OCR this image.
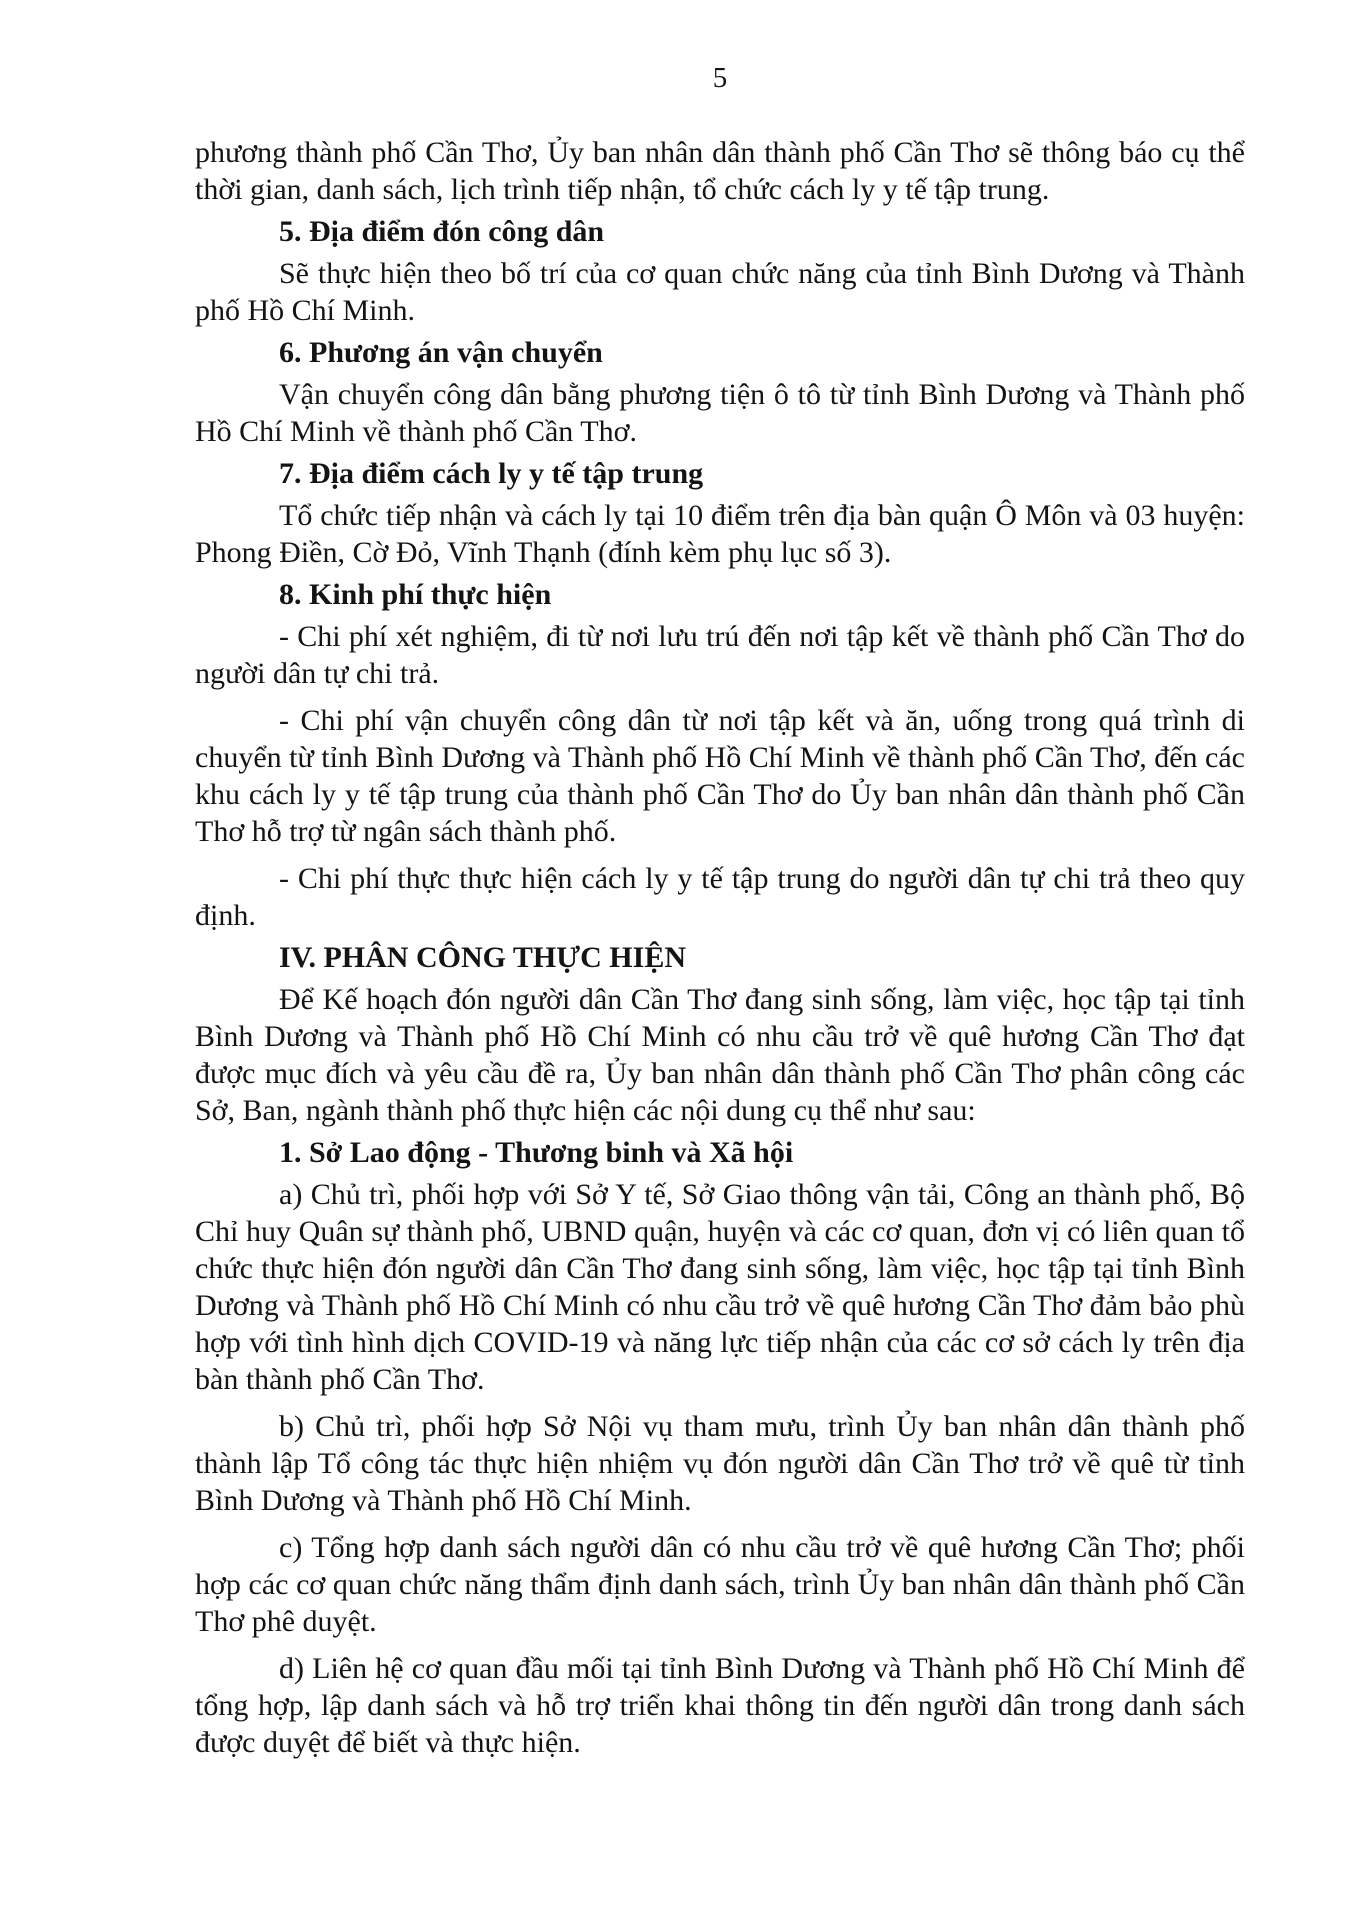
5

phương thành phố Cần Thơ, Ủy ban nhân dân thành phố Cần Thơ sẽ thông báo cụ thể thời gian, danh sách, lịch trình tiếp nhận, tổ chức cách ly y tế tập trung.

5. Địa điểm đón công dân

Sẽ thực hiện theo bố trí của cơ quan chức năng của tỉnh Bình Dương và Thành phố Hồ Chí Minh.

6. Phương án vận chuyển

Vận chuyển công dân bằng phương tiện ô tô từ tỉnh Bình Dương và Thành phố Hồ Chí Minh về thành phố Cần Thơ.

7. Địa điểm cách ly y tế tập trung

Tổ chức tiếp nhận và cách ly tại 10 điểm trên địa bàn quận Ô Môn và 03 huyện: Phong Điền, Cờ Đỏ, Vĩnh Thạnh (đính kèm phụ lục số 3).

8. Kinh phí thực hiện

- Chi phí xét nghiệm, đi từ nơi lưu trú đến nơi tập kết về thành phố Cần Thơ do người dân tự chi trả.

- Chi phí vận chuyển công dân từ nơi tập kết và ăn, uống trong quá trình di chuyển từ tỉnh Bình Dương và Thành phố Hồ Chí Minh về thành phố Cần Thơ, đến các khu cách ly y tế tập trung của thành phố Cần Thơ do Ủy ban nhân dân thành phố Cần Thơ hỗ trợ từ ngân sách thành phố.

- Chi phí thực thực hiện cách ly y tế tập trung do người dân tự chi trả theo quy định.

IV. PHÂN CÔNG THỰC HIỆN

Để Kế hoạch đón người dân Cần Thơ đang sinh sống, làm việc, học tập tại tỉnh Bình Dương và Thành phố Hồ Chí Minh có nhu cầu trở về quê hương Cần Thơ đạt được mục đích và yêu cầu đề ra, Ủy ban nhân dân thành phố Cần Thơ phân công các Sở, Ban, ngành thành phố thực hiện các nội dung cụ thể như sau:

1. Sở Lao động - Thương binh và Xã hội

a) Chủ trì, phối hợp với Sở Y tế, Sở Giao thông vận tải, Công an thành phố, Bộ Chỉ huy Quân sự thành phố, UBND quận, huyện và các cơ quan, đơn vị có liên quan tổ chức thực hiện đón người dân Cần Thơ đang sinh sống, làm việc, học tập tại tỉnh Bình Dương và Thành phố Hồ Chí Minh có nhu cầu trở về quê hương Cần Thơ đảm bảo phù hợp với tình hình dịch COVID-19 và năng lực tiếp nhận của các cơ sở cách ly trên địa bàn thành phố Cần Thơ.

b) Chủ trì, phối hợp Sở Nội vụ tham mưu, trình Ủy ban nhân dân thành phố thành lập Tổ công tác thực hiện nhiệm vụ đón người dân Cần Thơ trở về quê từ tỉnh Bình Dương và Thành phố Hồ Chí Minh.

c) Tổng hợp danh sách người dân có nhu cầu trở về quê hương Cần Thơ; phối hợp các cơ quan chức năng thẩm định danh sách, trình Ủy ban nhân dân thành phố Cần Thơ phê duyệt.

d) Liên hệ cơ quan đầu mối tại tỉnh Bình Dương và Thành phố Hồ Chí Minh để tổng hợp, lập danh sách và hỗ trợ triển khai thông tin đến người dân trong danh sách được duyệt để biết và thực hiện.
